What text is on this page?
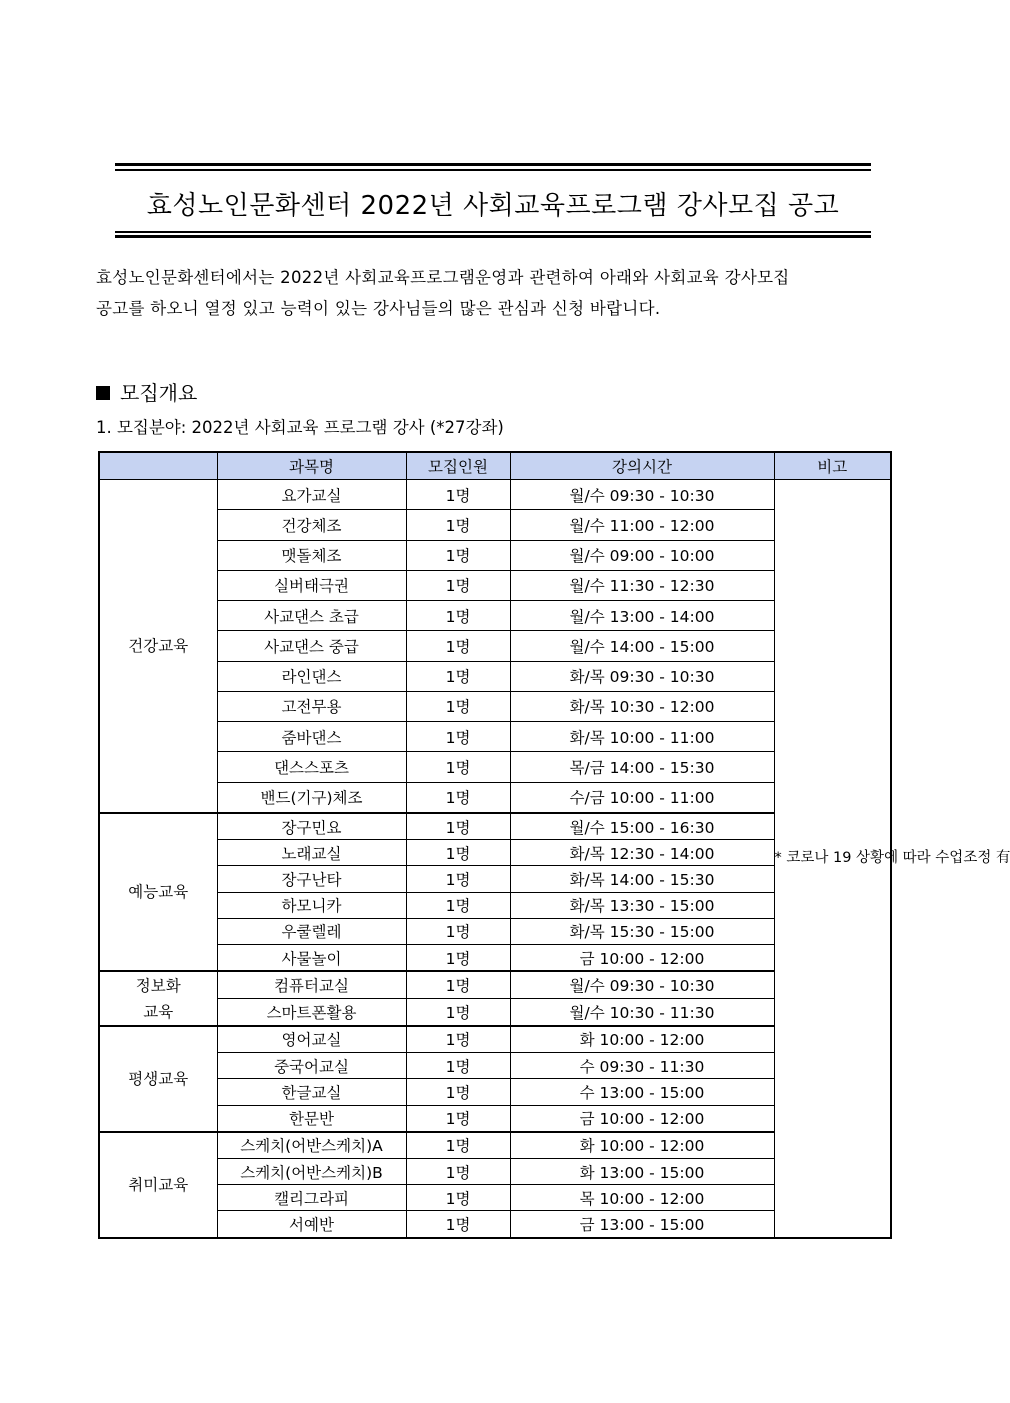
효성노인문화센터 2022년 사회교육프로그램 강사모집 공고

효성노인문화센터에서는 2022년 사회교육프로그램운영과 관련하여 아래와 사회교육 강사모집

공고를 하오니 열정 있고 능력이 있는 강사님들의 많은 관심과 신청 바랍니다.

모집개요
1. 모집분야: 2022년 사회교육 프로그램 강사 (*27강좌)
	과목명	모집인원	강의시간	비고

건강교육	요가교실	1명	월/수 09:30 - 10:30	* 코로나 19 상황에 따라 수업조정 有
	건강체조	1명	월/수 11:00 - 12:00	
	맷돌체조	1명	월/수 09:00 - 10:00	
	실버태극권	1명	월/수 11:30 - 12:30	
	사교댄스 초급	1명	월/수 13:00 - 14:00	
	사교댄스 중급	1명	월/수 14:00 - 15:00	
	라인댄스	1명	화/목 09:30 - 10:30	
	고전무용	1명	화/목 10:30 - 12:00	
	줌바댄스	1명	화/목 10:00 - 11:00	
	댄스스포츠	1명	목/금 14:00 - 15:30	
	밴드(기구)체조	1명	수/금 10:00 - 11:00	

예능교육	장구민요	1명	월/수 15:00 - 16:30	
	노래교실	1명	화/목 12:30 - 14:00	
	장구난타	1명	화/목 14:00 - 15:30	
	하모니카	1명	화/목 13:30 - 15:00	
	우쿨렐레	1명	화/목 15:30 - 15:00	
	사물놀이	1명	금 10:00 - 12:00	

정보화
교육	컴퓨터교실	1명	월/수 09:30 - 10:30	
	스마트폰활용	1명	월/수 10:30 - 11:30	

평생교육	영어교실	1명	화 10:00 - 12:00	
	중국어교실	1명	수 09:30 - 11:30	
	한글교실	1명	수 13:00 - 15:00	
	한문반	1명	금 10:00 - 12:00	

취미교육	스케치(어반스케치)A	1명	화 10:00 - 12:00	
	스케치(어반스케치)B	1명	화 13:00 - 15:00	
	캘리그라피	1명	목 10:00 - 12:00	
	서예반	1명	금 13:00 - 15:00	
